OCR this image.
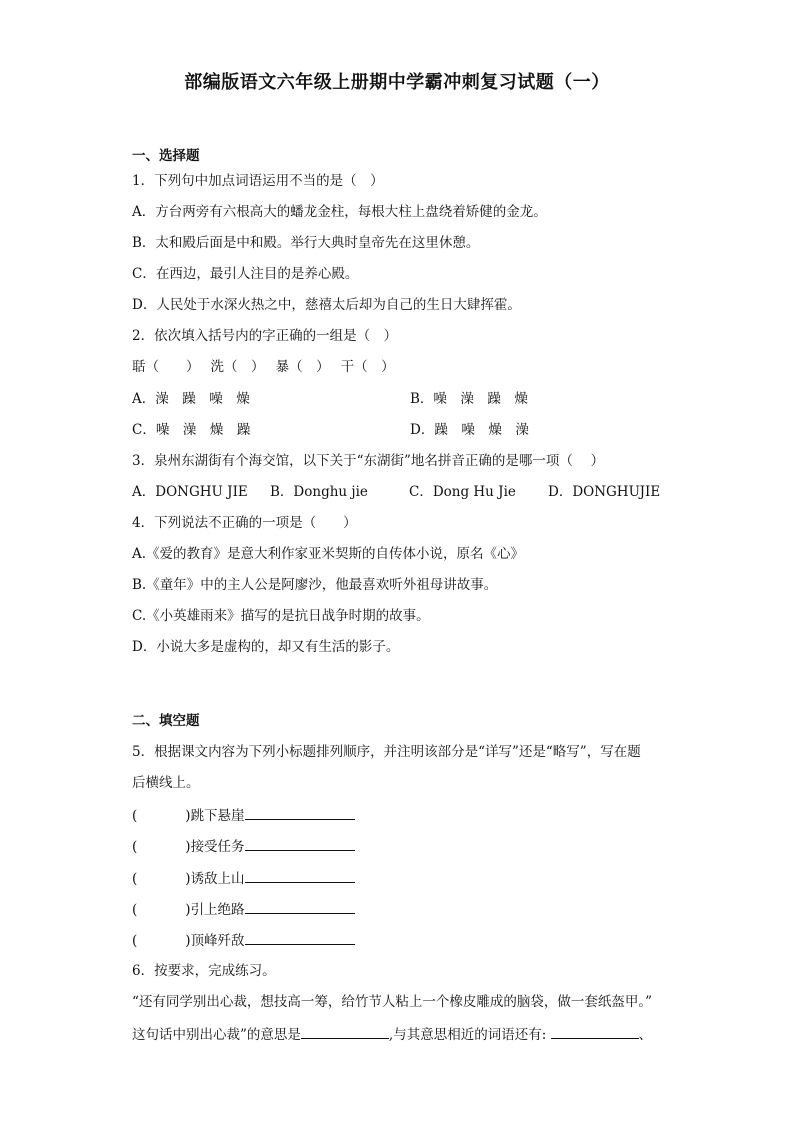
部编版语文六年级上册期中学霸冲刺复习试题（一）
一、选择题
1．下列句中加点词语运用不当的是（　）
A．方台两旁有六根高大的蟠龙金柱，每根大柱上盘绕着矫健的金龙。
B．太和殿后面是中和殿。举行大典时皇帝先在这里休憩。
C．在西边，最引人注目的是养心殿。
D．人民处于水深火热之中，慈禧太后却为自己的生日大肆挥霍。
2．依次填入括号内的字正确的一组是（　）
聒（　　）　 洗（　）　 暴（　）　 干（　）
A．澡　躁　噪　燥	B．噪　澡　躁　燥
C．噪　澡　燥　躁	D．躁　噪　燥　澡
3．泉州东湖街有个海交馆，以下关于“东湖街”地名拼音正确的是哪一项（　 ）
A．DONGHU JIE B．Donghu jie	C．Dong Hu Jie D．DONGHUJIE
4．下列说法不正确的一项是（　　）
A.《爱的教育》是意大利作家亚米契斯的自传体小说，原名《心》
B.《童年》中的主人公是阿廖沙，他最喜欢听外祖母讲故事。
C.《小英雄雨来》描写的是抗日战争时期的故事。
D．小说大多是虚构的，却又有生活的影子。
二、填空题
5．根据课文内容为下列小标题排列顺序，并注明该部分是“详写”还是“略写”，写在题
后横线上。
(	)跳下悬崖
(	)接受任务
(	)诱敌上山
(	)引上绝路
(	)顶峰歼敌
6．按要求，完成练习。
“还有同学别出心裁，想技高一筹，给竹节人粘上一个橡皮雕成的脑袋，做一套纸盔甲。”
这句话中别出心裁”的意思是	,与其意思相近的词语还有:	、
